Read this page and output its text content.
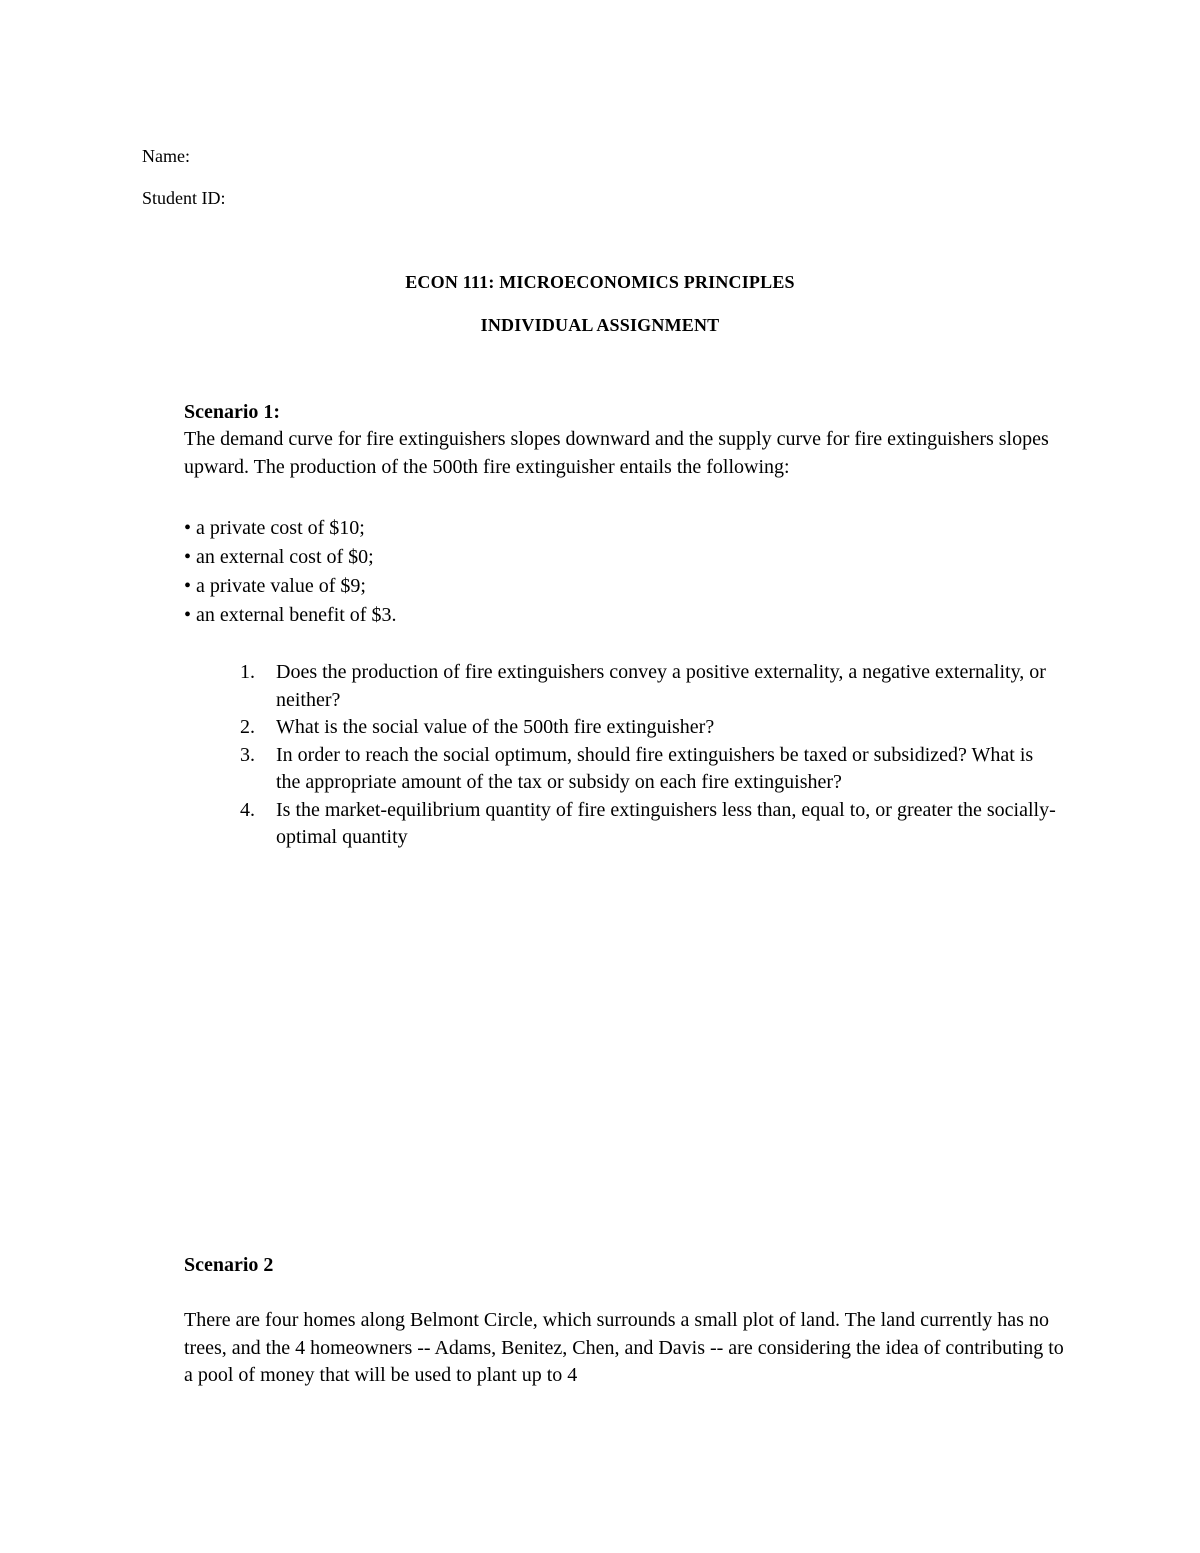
Name:
Student ID:
ECON 111: MICROECONOMICS PRINCIPLES
INDIVIDUAL ASSIGNMENT
Scenario 1:
The demand curve for fire extinguishers slopes downward and the supply curve for fire extinguishers slopes upward. The production of the 500th fire extinguisher entails the following:
• a private cost of $10;
• an external cost of $0;
• a private value of $9;
• an external benefit of $3.
1. Does the production of fire extinguishers convey a positive externality, a negative externality, or neither?
2. What is the social value of the 500th fire extinguisher?
3. In order to reach the social optimum, should fire extinguishers be taxed or subsidized? What is the appropriate amount of the tax or subsidy on each fire extinguisher?
4. Is the market-equilibrium quantity of fire extinguishers less than, equal to, or greater the socially-optimal quantity
Scenario 2
There are four homes along Belmont Circle, which surrounds a small plot of land. The land currently has no trees, and the 4 homeowners -- Adams, Benitez, Chen, and Davis -- are considering the idea of contributing to a pool of money that will be used to plant up to 4
